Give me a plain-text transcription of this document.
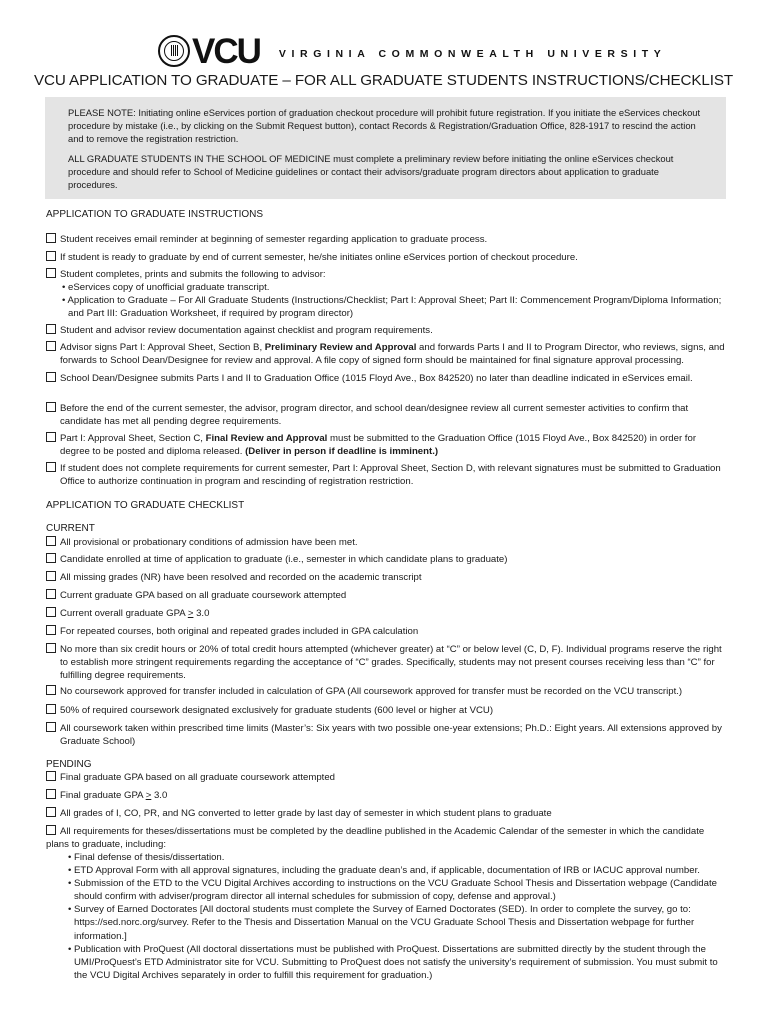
VCU VIRGINIA COMMONWEALTH UNIVERSITY
VCU APPLICATION TO GRADUATE – FOR ALL GRADUATE STUDENTS INSTRUCTIONS/CHECKLIST

PLEASE NOTE: Initiating online eServices portion of graduation checkout procedure will prohibit future registration. If you initiate the eServices checkout procedure by mistake (i.e., by clicking on the Submit Request button), contact Records & Registration/Graduation Office, 828-1917 to rescind the action and to remove the registration restriction.

ALL GRADUATE STUDENTS IN THE SCHOOL OF MEDICINE must complete a preliminary review before initiating the online eServices checkout procedure and should refer to School of Medicine guidelines or contact their advisors/graduate program directors about application to graduate procedures.

APPLICATION TO GRADUATE INSTRUCTIONS
Student receives email reminder at beginning of semester regarding application to graduate process.
If student is ready to graduate by end of current semester, he/she initiates online eServices portion of checkout procedure.
Student completes, prints and submits the following to advisor:
• eServices copy of unofficial graduate transcript.
• Application to Graduate – For All Graduate Students (Instructions/Checklist; Part I: Approval Sheet; Part II: Commencement Program/Diploma Information; and Part III: Graduation Worksheet, if required by program director)
Student and advisor review documentation against checklist and program requirements.
Advisor signs Part I: Approval Sheet, Section B, Preliminary Review and Approval and forwards Parts I and II to Program Director, who reviews, signs, and forwards to School Dean/Designee for review and approval. A file copy of signed form should be maintained for final signature approval processing.
School Dean/Designee submits Parts I and II to Graduation Office (1015 Floyd Ave., Box 842520) no later than deadline indicated in eServices email.
Before the end of the current semester, the advisor, program director, and school dean/designee review all current semester activities to confirm that candidate has met all pending degree requirements.
Part I: Approval Sheet, Section C, Final Review and Approval must be submitted to the Graduation Office (1015 Floyd Ave., Box 842520) in order for degree to be posted and diploma released. (Deliver in person if deadline is imminent.)
If student does not complete requirements for current semester, Part I: Approval Sheet, Section D, with relevant signatures must be submitted to Graduation Office to authorize continuation in program and rescinding of registration restriction.
APPLICATION TO GRADUATE CHECKLIST
CURRENT
All provisional or probationary conditions of admission have been met.
Candidate enrolled at time of application to graduate (i.e., semester in which candidate plans to graduate)
All missing grades (NR) have been resolved and recorded on the academic transcript
Current graduate GPA based on all graduate coursework attempted
Current overall graduate GPA ≥ 3.0
For repeated courses, both original and repeated grades included in GPA calculation
No more than six credit hours or 20% of total credit hours attempted (whichever greater) at “C” or below level (C, D, F). Individual programs reserve the right to establish more stringent requirements regarding the acceptance of “C” grades. Specifically, students may not present courses receiving less than “C” for fulfilling degree requirements.
No coursework approved for transfer included in calculation of GPA (All coursework approved for transfer must be recorded on the VCU transcript.)
50% of required coursework designated exclusively for graduate students (600 level or higher at VCU)
All coursework taken within prescribed time limits (Master’s: Six years with two possible one-year extensions; Ph.D.: Eight years. All extensions approved by Graduate School)
PENDING
Final graduate GPA based on all graduate coursework attempted
Final graduate GPA ≥ 3.0
All grades of I, CO, PR, and NG converted to letter grade by last day of semester in which student plans to graduate
All requirements for theses/dissertations must be completed by the deadline published in the Academic Calendar of the semester in which the candidate plans to graduate, including:
• Final defense of thesis/dissertation.
• ETD Approval Form with all approval signatures, including the graduate dean’s and, if applicable, documentation of IRB or IACUC approval number.
• Submission of the ETD to the VCU Digital Archives according to instructions on the VCU Graduate School Thesis and Dissertation webpage (Candidate should confirm with adviser/program director all internal schedules for submission of copy, defense and approval.)
• Survey of Earned Doctorates [All doctoral students must complete the Survey of Earned Doctorates (SED). In order to complete the survey, go to: https://sed.norc.org/survey. Refer to the Thesis and Dissertation Manual on the VCU Graduate School Thesis and Dissertation webpage for further information.]
• Publication with ProQuest (All doctoral dissertations must be published with ProQuest. Dissertations are submitted directly by the student through the UMI/ProQuest’s ETD Administrator site for VCU. Submitting to ProQuest does not satisfy the university’s requirement of submission. You must submit to the VCU Digital Archives separately in order to fulfill this requirement for graduation.)
